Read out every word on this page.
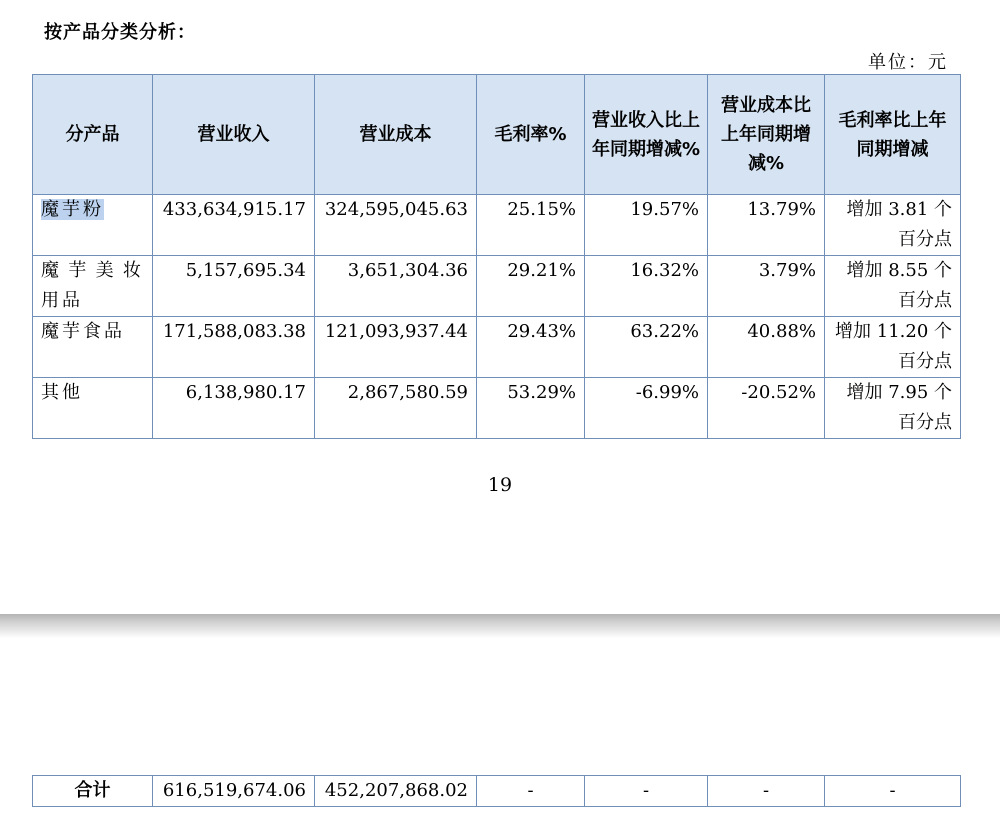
按产品分类分析：
单位：元
分产品	营业收入	营业成本	毛利率%	营业收入比上年同期增减%	营业成本比上年同期增减%	毛利率比上年同期增减
魔芋粉	433,634,915.17	324,595,045.63	25.15%	19.57%	13.79%	增加 3.81 个百分点
魔芋美妆用品	5,157,695.34	3,651,304.36	29.21%	16.32%	3.79%	增加 8.55 个百分点
魔芋食品	171,588,083.38	121,093,937.44	29.43%	63.22%	40.88%	增加 11.20 个百分点
其他	6,138,980.17	2,867,580.59	53.29%	-6.99%	-20.52%	增加 7.95 个百分点
19
合计	616,519,674.06	452,207,868.02	-	-	-	-
